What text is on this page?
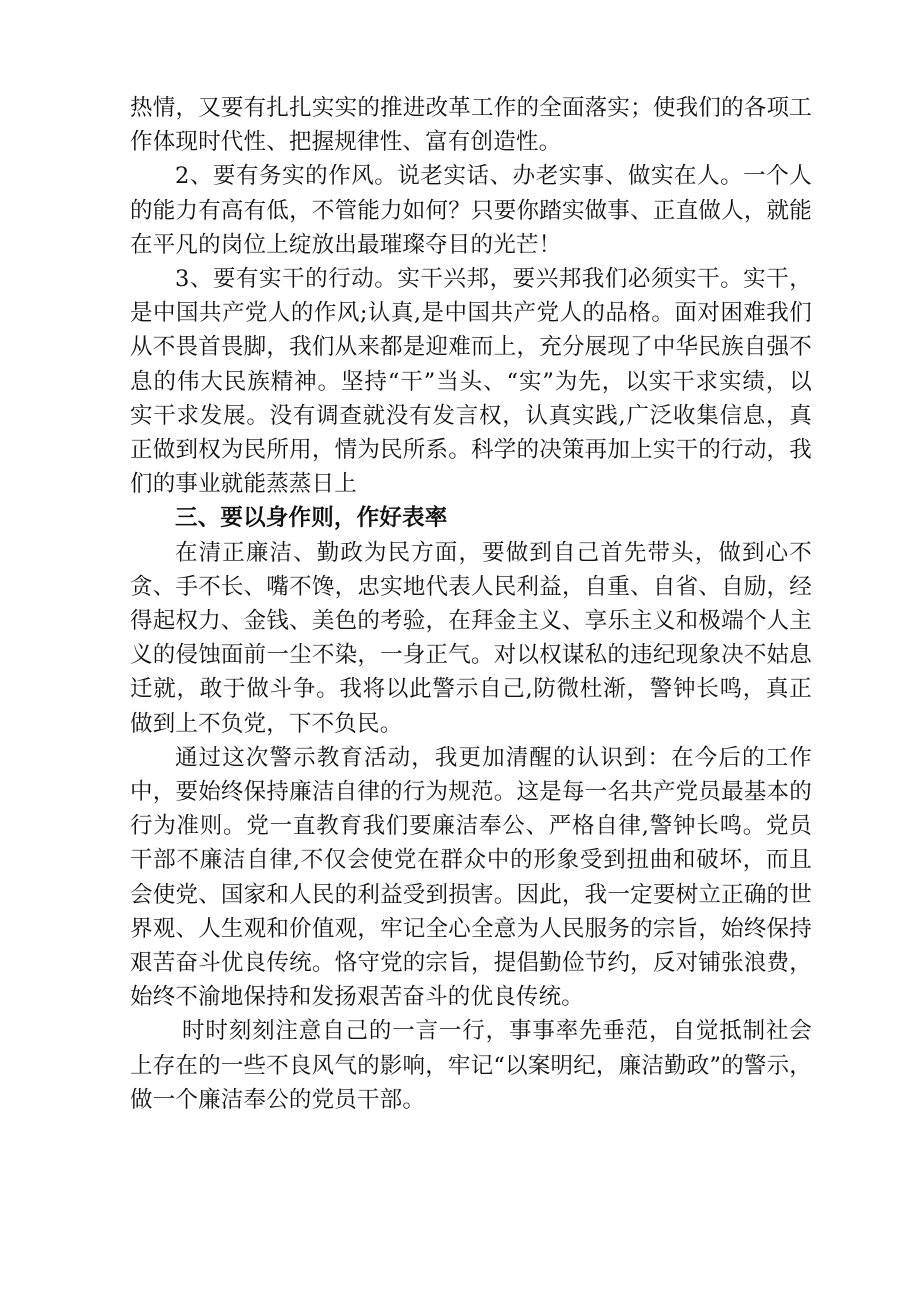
热情，又要有扎扎实实的推进改革工作的全面落实；使我们的各项工作体现时代性、把握规律性、富有创造性。

2、要有务实的作风。说老实话、办老实事、做实在人。一个人的能力有高有低，不管能力如何？只要你踏实做事、正直做人，就能在平凡的岗位上绽放出最璀璨夺目的光芒！

3、要有实干的行动。实干兴邦，要兴邦我们必须实干。实干，是中国共产党人的作风;认真,是中国共产党人的品格。面对困难我们从不畏首畏脚，我们从来都是迎难而上，充分展现了中华民族自强不息的伟大民族精神。坚持“干”当头、“实”为先，以实干求实绩，以实干求发展。没有调查就没有发言权，认真实践,广泛收集信息，真正做到权为民所用，情为民所系。科学的决策再加上实干的行动，我们的事业就能蒸蒸日上

三、要以身作则，作好表率

在清正廉洁、勤政为民方面，要做到自己首先带头，做到心不贪、手不长、嘴不馋，忠实地代表人民利益，自重、自省、自励，经得起权力、金钱、美色的考验，在拜金主义、享乐主义和极端个人主义的侵蚀面前一尘不染，一身正气。对以权谋私的违纪现象决不姑息迁就，敢于做斗争。我将以此警示自己,防微杜渐，警钟长鸣，真正做到上不负党，下不负民。

通过这次警示教育活动，我更加清醒的认识到：在今后的工作中，要始终保持廉洁自律的行为规范。这是每一名共产党员最基本的行为准则。党一直教育我们要廉洁奉公、严格自律,警钟长鸣。党员干部不廉洁自律,不仅会使党在群众中的形象受到扭曲和破坏，而且会使党、国家和人民的利益受到损害。因此，我一定要树立正确的世界观、人生观和价值观，牢记全心全意为人民服务的宗旨，始终保持艰苦奋斗优良传统。恪守党的宗旨，提倡勤俭节约，反对铺张浪费，始终不渝地保持和发扬艰苦奋斗的优良传统。

时时刻刻注意自己的一言一行，事事率先垂范，自觉抵制社会上存在的一些不良风气的影响，牢记“以案明纪，廉洁勤政”的警示，做一个廉洁奉公的党员干部。
